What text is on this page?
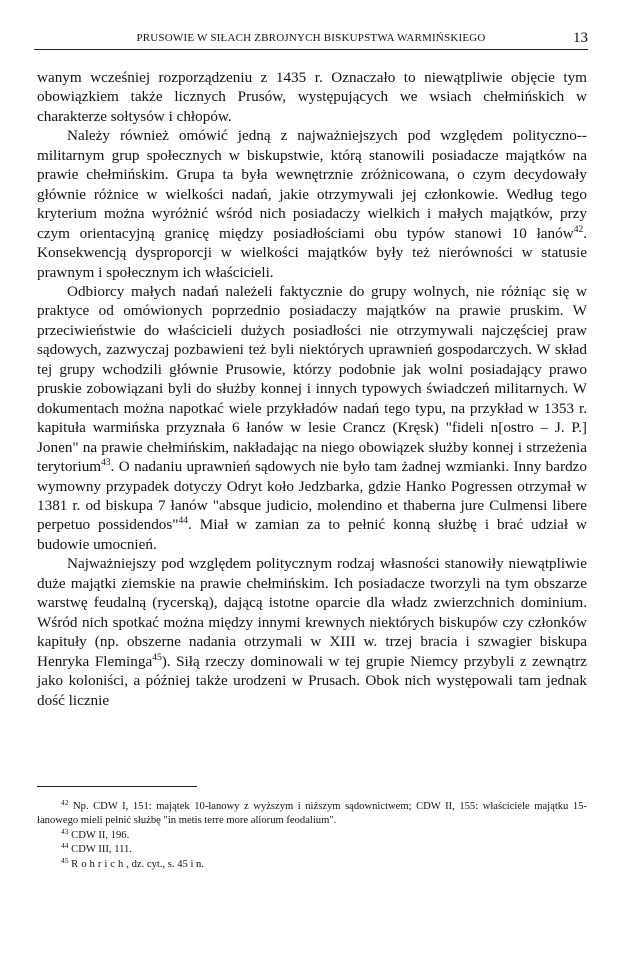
PRUSOWIE W SIŁACH ZBROJNYCH BISKUPSTWA WARMIŃSKIEGO	13

wanym wcześniej rozporządzeniu z 1435 r. Oznaczało to niewątpliwie objęcie tym obowiązkiem także licznych Prusów, występujących we wsiach chełmińskich w charakterze sołtysów i chłopów.

Należy również omówić jedną z najważniejszych pod względem polityczno--militarnym grup społecznych w biskupstwie, którą stanowili posiadacze majątków na prawie chełmińskim. Grupa ta była wewnętrznie zróżnicowana, o czym decydowały głównie różnice w wielkości nadań, jakie otrzymywali jej członkowie. Według tego kryterium można wyróżnić wśród nich posiadaczy wielkich i małych majątków, przy czym orientacyjną granicę między posiadłościami obu typów stanowi 10 łanów$^{42}$. Konsekwencją dysproporcji w wielkości majątków były też nierówności w statusie prawnym i społecznym ich właścicieli.

Odbiorcy małych nadań należeli faktycznie do grupy wolnych, nie różniąc się w praktyce od omówionych poprzednio posiadaczy majątków na prawie pruskim. W przeciwieństwie do właścicieli dużych posiadłości nie otrzymywali najczęściej praw sądowych, zazwyczaj pozbawieni też byli niektórych uprawnień gospodarczych. W skład tej grupy wchodzili głównie Prusowie, którzy podobnie jak wolni posiadający prawo pruskie zobowiązani byli do służby konnej i innych typowych świadczeń militarnych. W dokumentach można napotkać wiele przykładów nadań tego typu, na przykład w 1353 r. kapituła warmińska przyznała 6 łanów w lesie Crancz (Kręsk) "fideli n[ostro – J. P.] Jonen" na prawie chełmińskim, nakładając na niego obowiązek służby konnej i strzeżenia terytorium$^{43}$. O nadaniu uprawnień sądowych nie było tam żadnej wzmianki. Inny bardzo wymowny przypadek dotyczy Odryt koło Jedzbarka, gdzie Hanko Pogressen otrzymał w 1381 r. od biskupa 7 łanów "absque judicio, molendino et thaberna jure Culmensi libere perpetuo possidendos"$^{44}$. Miał w zamian za to pełnić konną służbę i brać udział w budowie umocnień.

Najważniejszy pod względem politycznym rodzaj własności stanowiły niewątpliwie duże majątki ziemskie na prawie chełmińskim. Ich posiadacze tworzyli na tym obszarze warstwę feudalną (rycerską), dającą istotne oparcie dla władz zwierzchnich dominium. Wśród nich spotkać można między innymi krewnych niektórych biskupów czy członków kapituły (np. obszerne nadania otrzymali w XIII w. trzej bracia i szwagier biskupa Henryka Fleminga$^{45}$). Siłą rzeczy dominowali w tej grupie Niemcy przybyli z zewnątrz jako koloniści, a później także urodzeni w Prusach. Obok nich występowali tam jednak dość licznie

$^{42}$ Np. CDW I, 151: majątek 10-łanowy z wyższym i niższym sądownictwem; CDW II, 155: właściciele majątku 15-łanowego mieli pełnić służbę "in metis terre more aliorum feodalium".

$^{43}$ CDW II, 196.

$^{44}$ CDW III, 111.

$^{45}$ Rohrich, dz. cyt., s. 45 i n.
